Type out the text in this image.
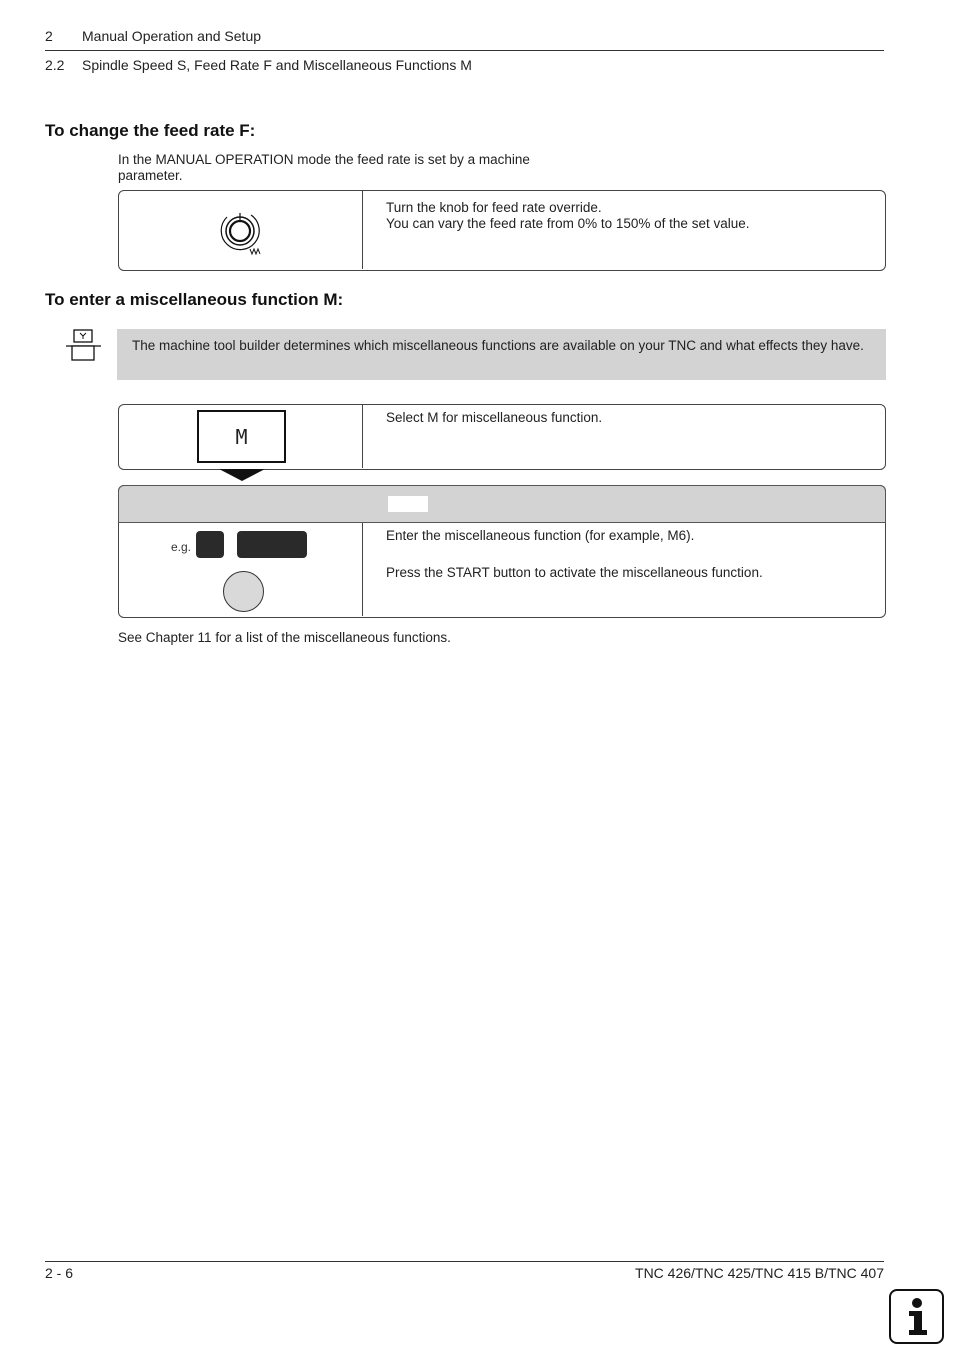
2 Manual Operation and Setup
2.2 Spindle Speed S, Feed Rate F and Miscellaneous Functions M
To change the feed rate F:
In the MANUAL OPERATION mode the feed rate is set by a machine
parameter.
Turn the knob for feed rate override.
You can vary the feed rate from 0% to 150% of the set value.
To enter a miscellaneous function M:
The machine tool builder determines which miscellaneous functions are available on your TNC and what effects they have.
M
Select M for miscellaneous function.
e.g.
Enter the miscellaneous function (for example, M6).
Press the START button to activate the miscellaneous function.
See Chapter 11 for a list of the miscellaneous functions.
2 - 6	TNC 426/TNC 425/TNC 415 B/TNC 407
